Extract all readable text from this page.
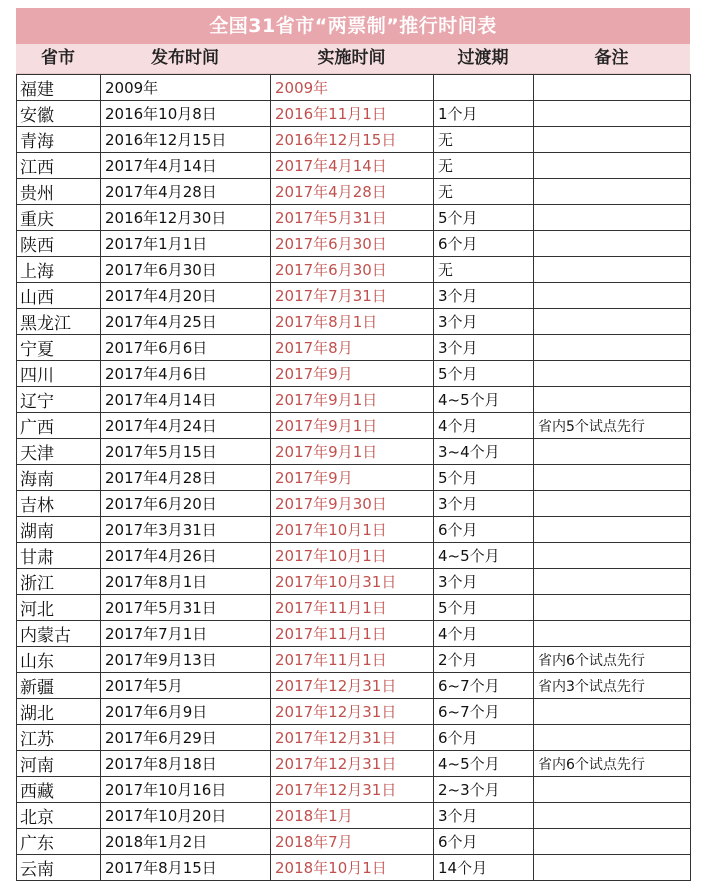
全国31省市“两票制”推行时间表
省市	发布时间	实施时间	过渡期	备注
福建	2009年	2009年		
安徽	2016年10月8日	2016年11月1日	1个月	
青海	2016年12月15日	2016年12月15日	无	
江西	2017年4月14日	2017年4月14日	无	
贵州	2017年4月28日	2017年4月28日	无	
重庆	2016年12月30日	2017年5月31日	5个月	
陕西	2017年1月1日	2017年6月30日	6个月	
上海	2017年6月30日	2017年6月30日	无	
山西	2017年4月20日	2017年7月31日	3个月	
黑龙江	2017年4月25日	2017年8月1日	3个月	
宁夏	2017年6月6日	2017年8月	3个月	
四川	2017年4月6日	2017年9月	5个月	
辽宁	2017年4月14日	2017年9月1日	4~5个月	
广西	2017年4月24日	2017年9月1日	4个月	省内5个试点先行
天津	2017年5月15日	2017年9月1日	3~4个月	
海南	2017年4月28日	2017年9月	5个月	
吉林	2017年6月20日	2017年9月30日	3个月	
湖南	2017年3月31日	2017年10月1日	6个月	
甘肃	2017年4月26日	2017年10月1日	4~5个月	
浙江	2017年8月1日	2017年10月31日	3个月	
河北	2017年5月31日	2017年11月1日	5个月	
内蒙古	2017年7月1日	2017年11月1日	4个月	
山东	2017年9月13日	2017年11月1日	2个月	省内6个试点先行
新疆	2017年5月	2017年12月31日	6~7个月	省内3个试点先行
湖北	2017年6月9日	2017年12月31日	6~7个月	
江苏	2017年6月29日	2017年12月31日	6个月	
河南	2017年8月18日	2017年12月31日	4~5个月	省内6个试点先行
西藏	2017年10月16日	2017年12月31日	2~3个月	
北京	2017年10月20日	2018年1月	3个月	
广东	2018年1月2日	2018年7月	6个月	
云南	2017年8月15日	2018年10月1日	14个月	
